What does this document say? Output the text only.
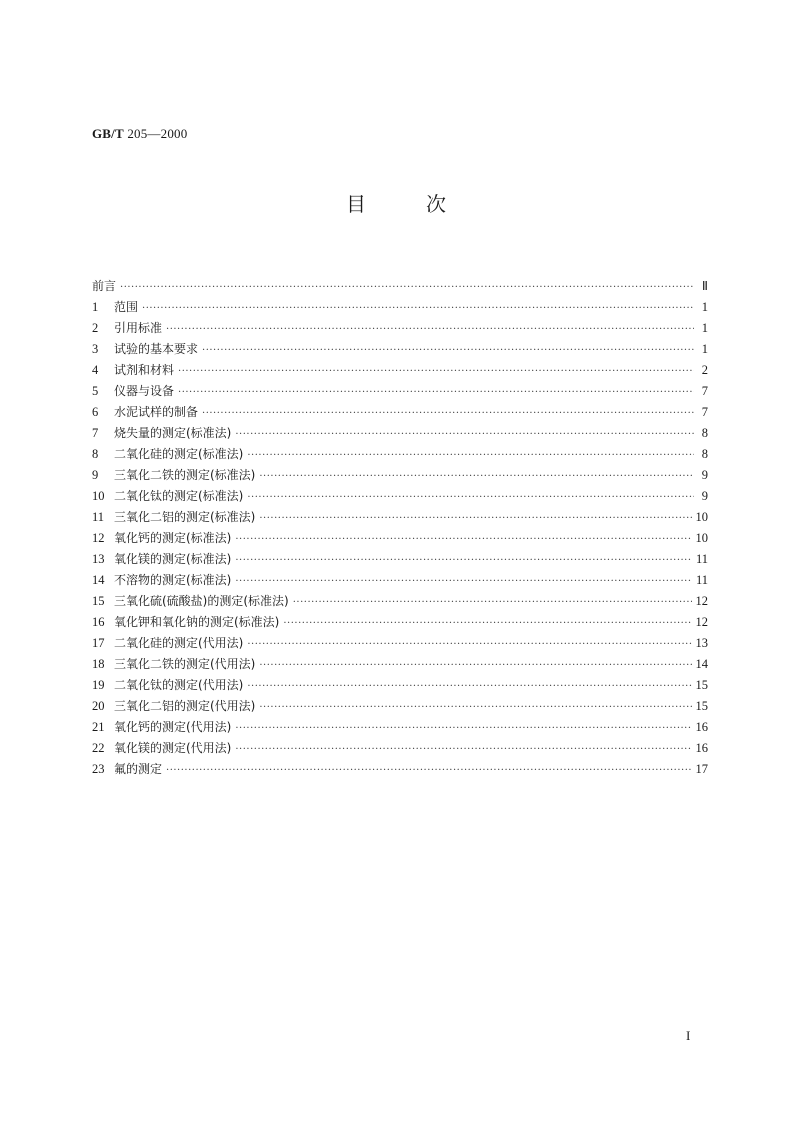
GB/T 205—2000
目	次
前言 ·····	Ⅱ
1	范围 ·····	1
2	引用标准 ·····	1
3	试验的基本要求 ·····	1
4	试剂和材料 ·····	2
5	仪器与设备 ·····	7
6	水泥试样的制备 ·····	7
7	烧失量的测定(标准法) ·····	8
8	二氧化硅的测定(标准法) ·····	8
9	三氧化二铁的测定(标准法) ·····	9
10 二氧化钛的测定(标准法) ·····	9
11 三氧化二铝的测定(标准法) ·····	10
12 氧化钙的测定(标准法) ·····	10
13 氧化镁的测定(标准法) ·····	11
14 不溶物的测定(标准法) ·····	11
15 三氧化硫(硫酸盐)的测定(标准法) ·····	12
16 氧化钾和氧化钠的测定(标准法) ·····	12
17 二氧化硅的测定(代用法) ·····	13
18 三氧化二铁的测定(代用法) ·····	14
19 二氧化钛的测定(代用法) ·····	15
20 三氧化二铝的测定(代用法) ·····	15
21 氧化钙的测定(代用法) ·····	16
22 氧化镁的测定(代用法) ·····	16
23 氟的测定 ·····	17
I
